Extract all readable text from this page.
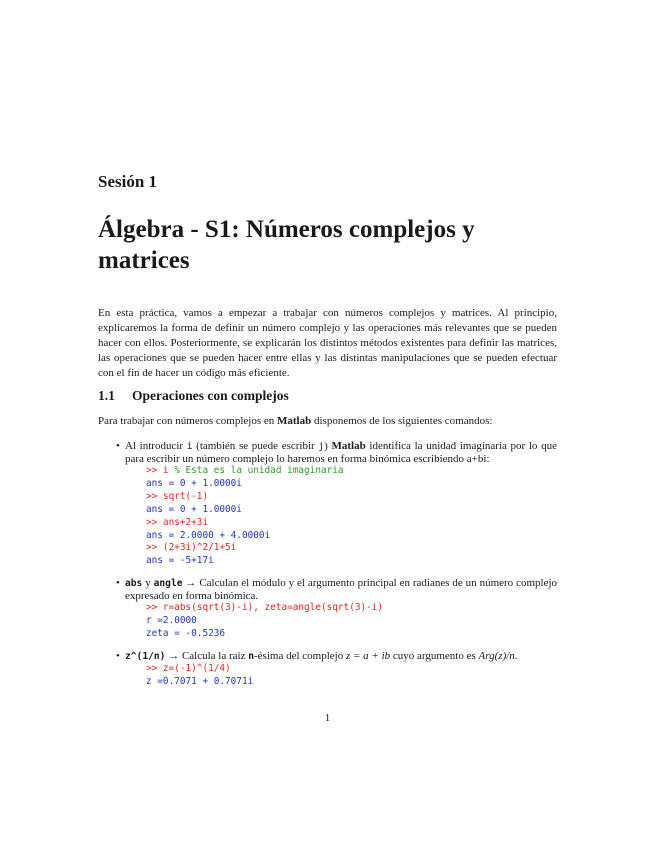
Sesión 1
Álgebra - S1: Números complejos y matrices
En esta práctica, vamos a empezar a trabajar con números complejos y matrices. Al principio, explicaremos la forma de definir un número complejo y las operaciones más relevantes que se pueden hacer con ellos. Posteriormente, se explicarán los distintos métodos existentes para definir las matrices, las operaciones que se pueden hacer entre ellas y las distintas manipulaciones que se pueden efectuar con el fin de hacer un código más eficiente.
1.1 Operaciones con complejos
Para trabajar con números complejos en Matlab disponemos de los siguientes comandos:
• Al introducir i (también se puede escribir j) Matlab identifica la unidad imaginaria por lo que para escribir un número complejo lo haremos en forma binómica escribiendo a+bi:
>> i % Esta es la unidad imaginaria
ans = 0 + 1.0000i
>> sqrt(-1)
ans = 0 + 1.0000i
>> ans+2+3i
ans = 2.0000 + 4.0000i
>> (2+3i)^2/1+5i
ans = -5+17i
• abs y angle → Calculan el módulo y el argumento principal en radianes de un número complejo expresado en forma binómica.
>> r=abs(sqrt(3)-i), zeta=angle(sqrt(3)-i)
r =2.0000
zeta = -0.5236
• z^(1/n) → Calcula la raíz n-ésima del complejo z = a + ib cuyo argumento es Arg(z)/n.
>> z=(-1)^(1/4)
z =0.7071 + 0.7071i
1
